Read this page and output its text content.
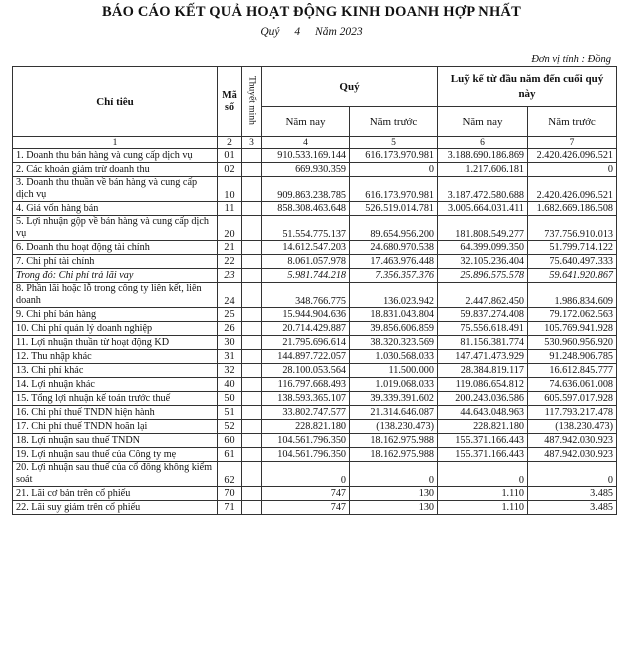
BÁO CÁO KẾT QUẢ HOẠT ĐỘNG KINH DOANH HỢP NHẤT
Quý 4 Năm 2023
Đơn vị tính : Đồng
Chỉ tiêu	Mã số	Thuyết minh	Quý		Luỹ kế từ đầu năm đến cuối quý này	
			Năm nay	Năm trước	Năm nay	Năm trước
1	2	3	4	5	6	7
1. Doanh thu bán hàng và cung cấp dịch vụ	01		910.533.169.144	616.173.970.981	3.188.690.186.869	2.420.426.096.521
2. Các khoản giảm trừ doanh thu	02		669.930.359	0	1.217.606.181	0
3. Doanh thu thuần về bán hàng và cung cấp dịch vụ	10		909.863.238.785	616.173.970.981	3.187.472.580.688	2.420.426.096.521
4. Giá vốn hàng bán	11		858.308.463.648	526.519.014.781	3.005.664.031.411	1.682.669.186.508
5. Lợi nhuận gộp về bán hàng và cung cấp dịch vụ	20		51.554.775.137	89.654.956.200	181.808.549.277	737.756.910.013
6. Doanh thu hoạt động tài chính	21		14.612.547.203	24.680.970.538	64.399.099.350	51.799.714.122
7. Chi phí tài chính	22		8.061.057.978	17.463.976.448	32.105.236.404	75.640.497.333
Trong đó: Chi phí trả lãi vay	23		5.981.744.218	7.356.357.376	25.896.575.578	59.641.920.867
8. Phần lãi hoặc lỗ trong công ty liên kết, liên doanh	24		348.766.775	136.023.942	2.447.862.450	1.986.834.609
9. Chi phí bán hàng	25		15.944.904.636	18.831.043.804	59.837.274.408	79.172.062.563
10. Chi phí quản lý doanh nghiệp	26		20.714.429.887	39.856.606.859	75.556.618.491	105.769.941.928
11. Lợi nhuận thuần từ hoạt động KD	30		21.795.696.614	38.320.323.569	81.156.381.774	530.960.956.920
12. Thu nhập khác	31		144.897.722.057	1.030.568.033	147.471.473.929	91.248.906.785
13. Chi phí khác	32		28.100.053.564	11.500.000	28.384.819.117	16.612.845.777
14. Lợi nhuận khác	40		116.797.668.493	1.019.068.033	119.086.654.812	74.636.061.008
15. Tổng lợi nhuận kế toán trước thuế	50		138.593.365.107	39.339.391.602	200.243.036.586	605.597.017.928
16. Chi phí thuế TNDN hiện hành	51		33.802.747.577	21.314.646.087	44.643.048.963	117.793.217.478
17. Chi phí thuế TNDN hoãn lại	52		228.821.180	(138.230.473)	228.821.180	(138.230.473)
18. Lợi nhuận sau thuế TNDN	60		104.561.796.350	18.162.975.988	155.371.166.443	487.942.030.923
19. Lợi nhuận sau thuế của Công ty mẹ	61		104.561.796.350	18.162.975.988	155.371.166.443	487.942.030.923
20. Lợi nhuận sau thuế của cổ đông không kiểm soát	62		0	0	0	0
21. Lãi cơ bản trên cổ phiếu	70		747	130	1.110	3.485
22. Lãi suy giảm trên cổ phiếu	71		747	130	1.110	3.485
